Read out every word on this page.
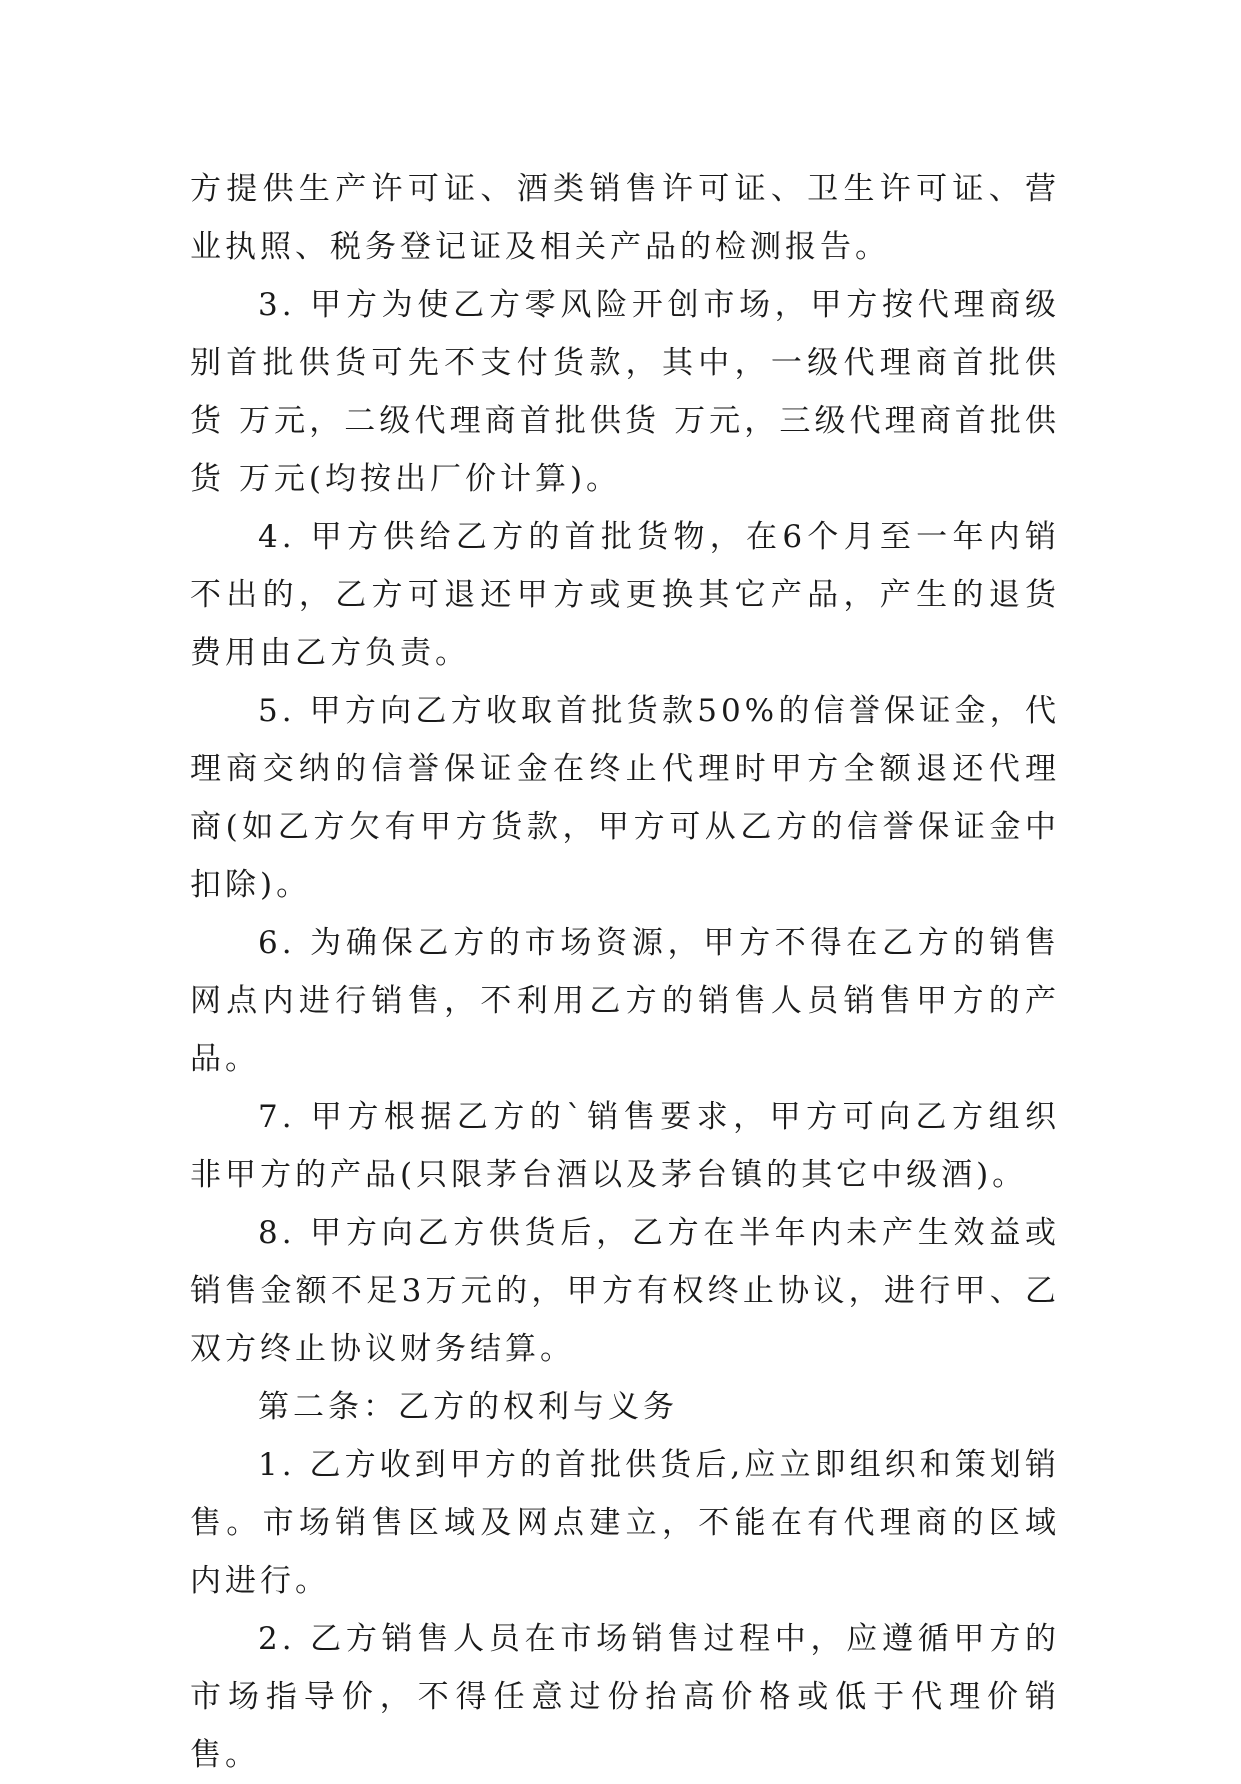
方提供生产许可证、酒类销售许可证、卫生许可证、营业执照、税务登记证及相关产品的检测报告。

3. 甲方为使乙方零风险开创市场，甲方按代理商级别首批供货可先不支付货款，其中，一级代理商首批供货 万元，二级代理商首批供货 万元，三级代理商首批供货 万元(均按出厂价计算)。

4. 甲方供给乙方的首批货物，在6个月至一年内销不出的，乙方可退还甲方或更换其它产品，产生的退货费用由乙方负责。

5. 甲方向乙方收取首批货款50%的信誉保证金，代理商交纳的信誉保证金在终止代理时甲方全额退还代理商(如乙方欠有甲方货款，甲方可从乙方的信誉保证金中扣除)。

6. 为确保乙方的市场资源，甲方不得在乙方的销售网点内进行销售，不利用乙方的销售人员销售甲方的产品。

7. 甲方根据乙方的`销售要求，甲方可向乙方组织非甲方的产品(只限茅台酒以及茅台镇的其它中级酒)。

8. 甲方向乙方供货后，乙方在半年内未产生效益或销售金额不足3万元的，甲方有权终止协议，进行甲、乙双方终止协议财务结算。

第二条：乙方的权利与义务

1. 乙方收到甲方的首批供货后,应立即组织和策划销售。市场销售区域及网点建立，不能在有代理商的区域内进行。

2. 乙方销售人员在市场销售过程中，应遵循甲方的市场指导价，不得任意过份抬高价格或低于代理价销售。
